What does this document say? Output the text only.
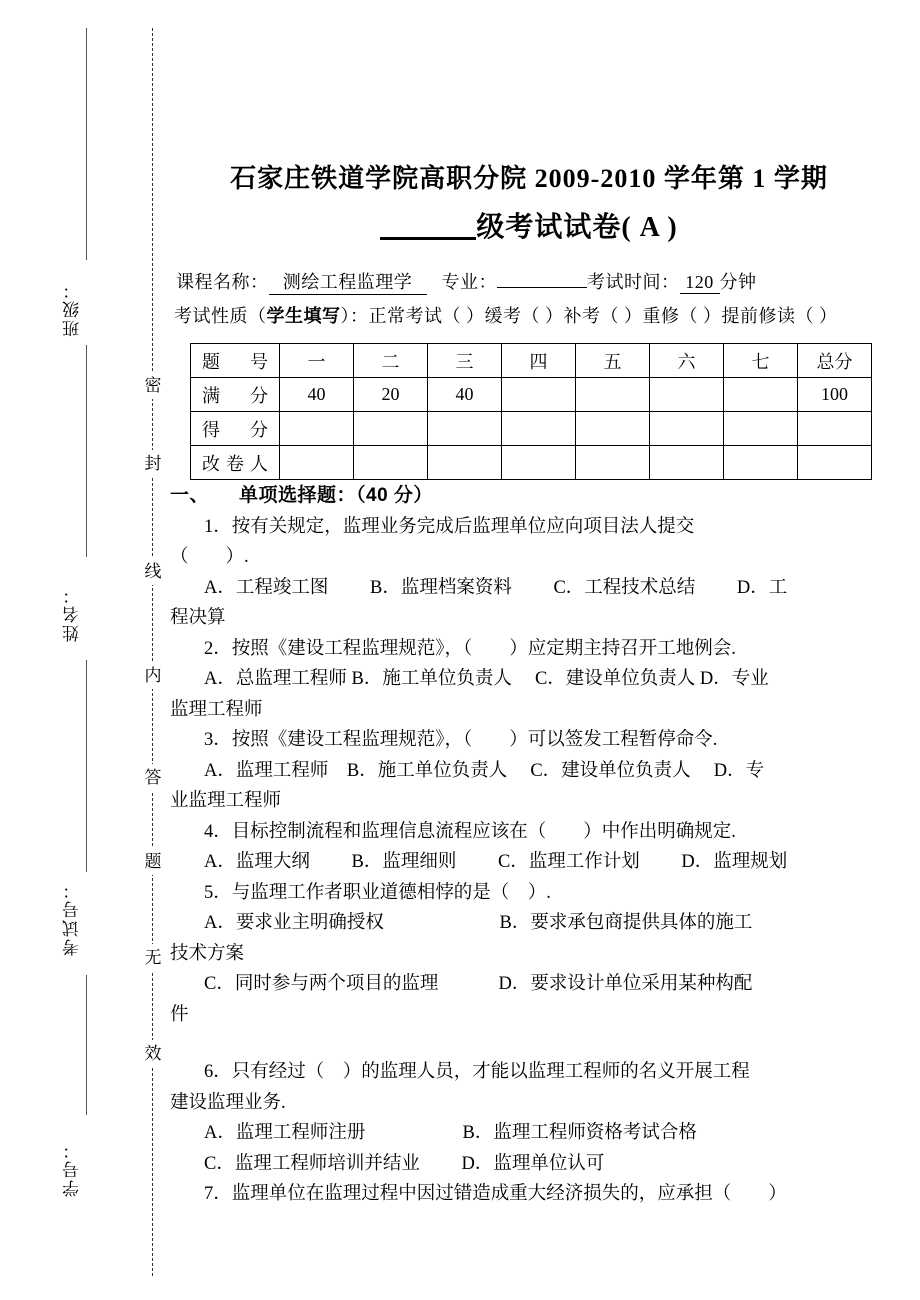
班级：
姓名：
考试号：
学号：
密
封
线
内
答
题
无
效
石家庄铁道学院高职分院 2009-2010 学年第 1 学期
级考试试卷( A )
课程名称： 测绘工程监理学 专业：	考试时间： 120 分钟
考试性质（学生填写）：正常考试（ ）缓考（ ）补考（ ）重修（ ）提前修读（ ）
题　号	一	二	三	四	五	六	七	总分
满　分	40	20	40					100
得　分								
改卷人								
一、 单项选择题：（40 分）
1．按有关规定，监理业务完成后监理单位应向项目法人提交
（　　）.
A．工程竣工图　　 B．监理档案资料　　 C．工程技术总结　　 D．工
程决算
2．按照《建设工程监理规范》，（　　）应定期主持召开工地例会.
A．总监理工程师 B．施工单位负责人　 C．建设单位负责人 D．专业
监理工程师
3．按照《建设工程监理规范》，（　　）可以签发工程暂停命令.
A．监理工程师　B．施工单位负责人　 C．建设单位负责人　 D．专
业监理工程师
4．目标控制流程和监理信息流程应该在（　　）中作出明确规定.
A．监理大纲　　 B．监理细则　　 C．监理工作计划　　 D．监理规划
5．与监理工作者职业道德相悖的是（　）.
A．要求业主明确授权　　　　　　 B．要求承包商提供具体的施工
技术方案
C．同时参与两个项目的监理　　　 D．要求设计单位采用某种构配
件
6．只有经过（　）的监理人员，才能以监理工程师的名义开展工程
建设监理业务.
A．监理工程师注册　　　　　 B．监理工程师资格考试合格
C．监理工程师培训并结业　　 D．监理单位认可
7．监理单位在监理过程中因过错造成重大经济损失的，应承担（　　）
